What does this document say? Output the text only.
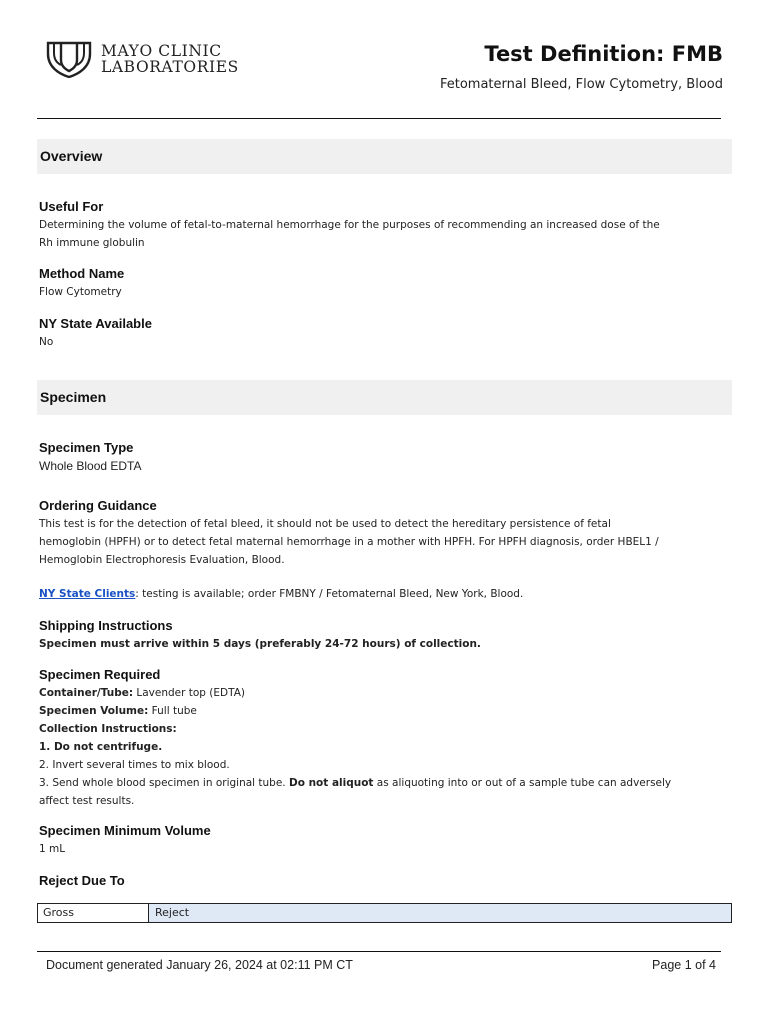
MAYO CLINIC
LABORATORIES
Test Definition: FMB
Fetomaternal Bleed, Flow Cytometry, Blood
Overview
Useful For
Determining the volume of fetal-to-maternal hemorrhage for the purposes of recommending an increased dose of the
Rh immune globulin
Method Name
Flow Cytometry
NY State Available
No
Specimen
Specimen Type
Whole Blood EDTA
Ordering Guidance
This test is for the detection of fetal bleed, it should not be used to detect the hereditary persistence of fetal
hemoglobin (HPFH) or to detect fetal maternal hemorrhage in a mother with HPFH. For HPFH diagnosis, order HBEL1 /
Hemoglobin Electrophoresis Evaluation, Blood.
NY State Clients: testing is available; order FMBNY / Fetomaternal Bleed, New York, Blood.
Shipping Instructions
Specimen must arrive within 5 days (preferably 24-72 hours) of collection.
Specimen Required
Container/Tube: Lavender top (EDTA)
Specimen Volume: Full tube
Collection Instructions:
1. Do not centrifuge.
2. Invert several times to mix blood.
3. Send whole blood specimen in original tube. Do not aliquot as aliquoting into or out of a sample tube can adversely
affect test results.
Specimen Minimum Volume
1 mL
Reject Due To
Gross	Reject
Document generated January 26, 2024 at 02:11 PM CT	Page 1 of 4
